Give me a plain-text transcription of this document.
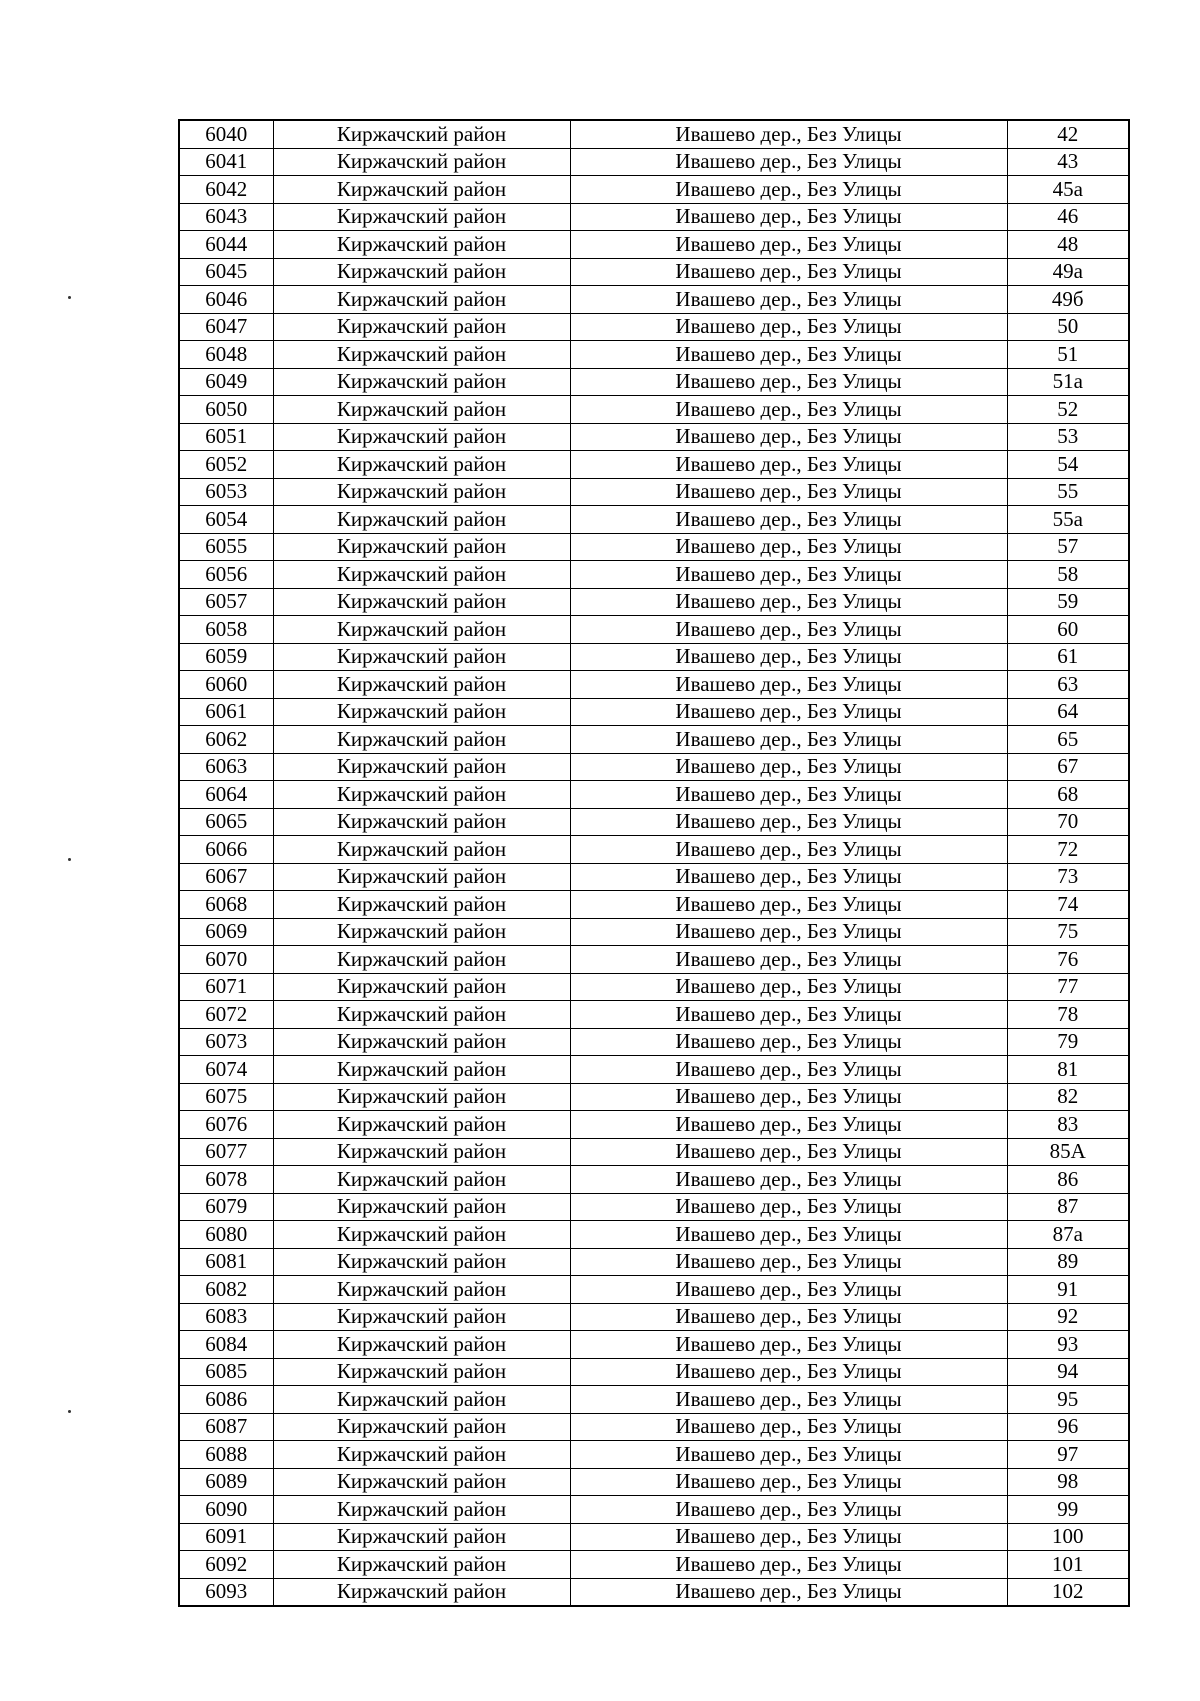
6040	Киржачский район	Ивашево дер., Без Улицы	42
6041	Киржачский район	Ивашево дер., Без Улицы	43
6042	Киржачский район	Ивашево дер., Без Улицы	45а
6043	Киржачский район	Ивашево дер., Без Улицы	46
6044	Киржачский район	Ивашево дер., Без Улицы	48
6045	Киржачский район	Ивашево дер., Без Улицы	49а
6046	Киржачский район	Ивашево дер., Без Улицы	49б
6047	Киржачский район	Ивашево дер., Без Улицы	50
6048	Киржачский район	Ивашево дер., Без Улицы	51
6049	Киржачский район	Ивашево дер., Без Улицы	51а
6050	Киржачский район	Ивашево дер., Без Улицы	52
6051	Киржачский район	Ивашево дер., Без Улицы	53
6052	Киржачский район	Ивашево дер., Без Улицы	54
6053	Киржачский район	Ивашево дер., Без Улицы	55
6054	Киржачский район	Ивашево дер., Без Улицы	55а
6055	Киржачский район	Ивашево дер., Без Улицы	57
6056	Киржачский район	Ивашево дер., Без Улицы	58
6057	Киржачский район	Ивашево дер., Без Улицы	59
6058	Киржачский район	Ивашево дер., Без Улицы	60
6059	Киржачский район	Ивашево дер., Без Улицы	61
6060	Киржачский район	Ивашево дер., Без Улицы	63
6061	Киржачский район	Ивашево дер., Без Улицы	64
6062	Киржачский район	Ивашево дер., Без Улицы	65
6063	Киржачский район	Ивашево дер., Без Улицы	67
6064	Киржачский район	Ивашево дер., Без Улицы	68
6065	Киржачский район	Ивашево дер., Без Улицы	70
6066	Киржачский район	Ивашево дер., Без Улицы	72
6067	Киржачский район	Ивашево дер., Без Улицы	73
6068	Киржачский район	Ивашево дер., Без Улицы	74
6069	Киржачский район	Ивашево дер., Без Улицы	75
6070	Киржачский район	Ивашево дер., Без Улицы	76
6071	Киржачский район	Ивашево дер., Без Улицы	77
6072	Киржачский район	Ивашево дер., Без Улицы	78
6073	Киржачский район	Ивашево дер., Без Улицы	79
6074	Киржачский район	Ивашево дер., Без Улицы	81
6075	Киржачский район	Ивашево дер., Без Улицы	82
6076	Киржачский район	Ивашево дер., Без Улицы	83
6077	Киржачский район	Ивашево дер., Без Улицы	85А
6078	Киржачский район	Ивашево дер., Без Улицы	86
6079	Киржачский район	Ивашево дер., Без Улицы	87
6080	Киржачский район	Ивашево дер., Без Улицы	87а
6081	Киржачский район	Ивашево дер., Без Улицы	89
6082	Киржачский район	Ивашево дер., Без Улицы	91
6083	Киржачский район	Ивашево дер., Без Улицы	92
6084	Киржачский район	Ивашево дер., Без Улицы	93
6085	Киржачский район	Ивашево дер., Без Улицы	94
6086	Киржачский район	Ивашево дер., Без Улицы	95
6087	Киржачский район	Ивашево дер., Без Улицы	96
6088	Киржачский район	Ивашево дер., Без Улицы	97
6089	Киржачский район	Ивашево дер., Без Улицы	98
6090	Киржачский район	Ивашево дер., Без Улицы	99
6091	Киржачский район	Ивашево дер., Без Улицы	100
6092	Киржачский район	Ивашево дер., Без Улицы	101
6093	Киржачский район	Ивашево дер., Без Улицы	102
